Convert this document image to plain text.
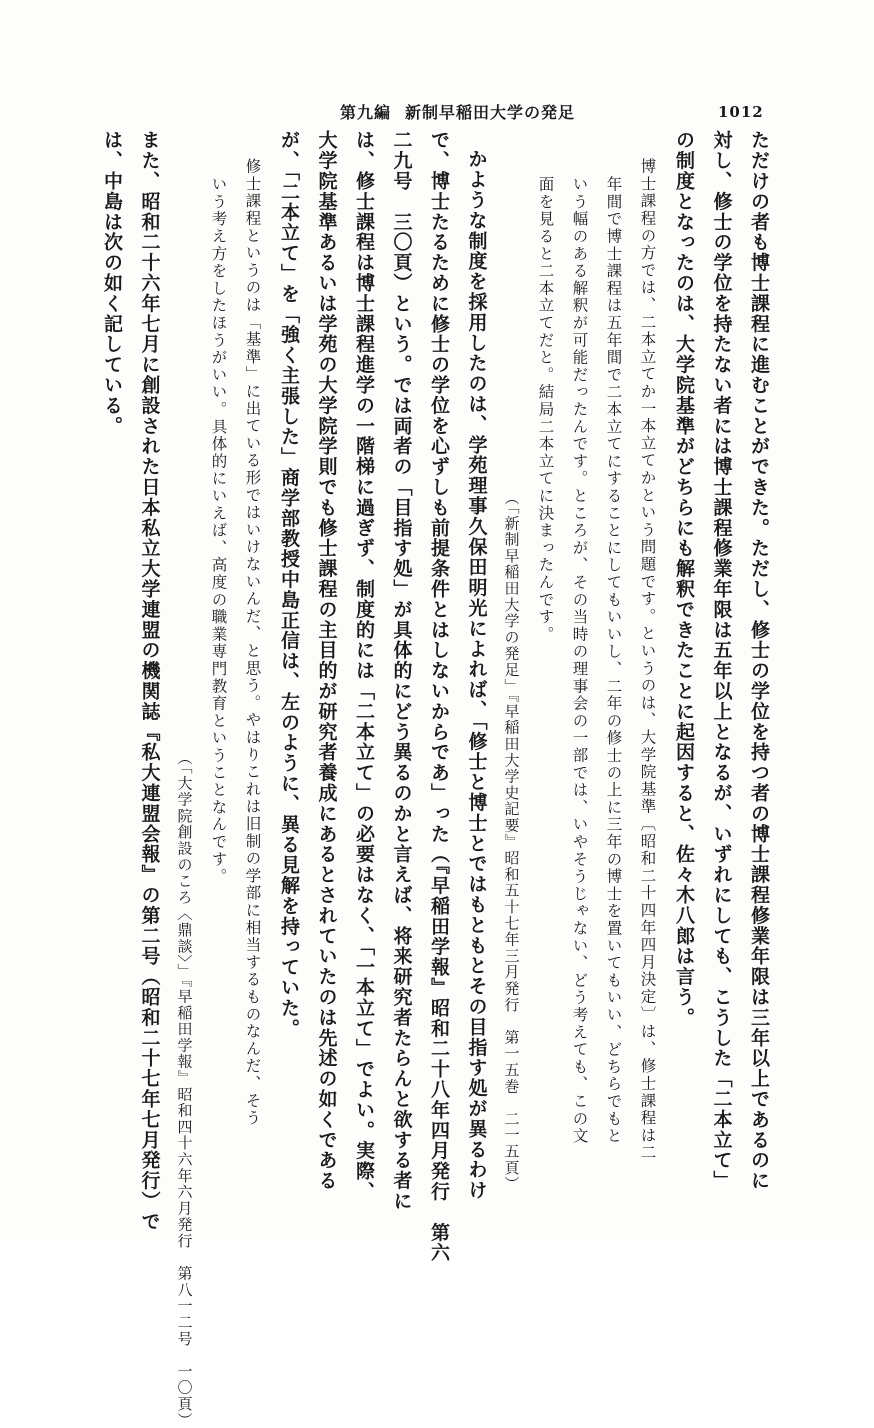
第九編 新制早稲田大学の発足	1012
ただけの者も博士課程に進むことができた。ただし、修士の学位を持つ者の博士課程修業年限は三年以上であるのに
対し、修士の学位を持たない者には博士課程修業年限は五年以上となるが、いずれにしても、こうした「二本立て」
の制度となったのは、大学院基準がどちらにも解釈できたことに起因すると、佐々木八郎は言う。
博士課程の方では、二本立てか一本立てかという問題です。というのは、大学院基準〔昭和二十四年四月決定〕は、修士課程は二
年間で博士課程は五年間で二本立てにすることにしてもいいし、二年の修士の上に三年の博士を置いてもいい、どちらでもと
いう幅のある解釈が可能だったんです。ところが、その当時の理事会の一部では、いやそうじゃない、どう考えても、この文
面を見ると二本立てだと。結局二本立てに決まったんです。
（「新制早稲田大学の発足」『早稲田大学史記要』昭和五十七年三月発行　第一五巻　二一五頁）
かような制度を採用したのは、学苑理事久保田明光によれば、「修士と博士とではもともとその目指す処が異るわけ
で、博士たるために修士の学位を心ずしも前提条件とはしないからであ」った（『早稲田学報』昭和二十八年四月発行　第六
二九号　三〇頁）という。では両者の「目指す処」が具体的にどう異るのかと言えば、将来研究者たらんと欲する者に
は、修士課程は博士課程進学の一階梯に過ぎず、制度的には「二本立て」の必要はなく、「一本立て」でよい。実際、
大学院基準あるいは学苑の大学院学則でも修士課程の主目的が研究者養成にあるとされていたのは先述の如くである
が、「二本立て」を「強く主張した」商学部教授中島正信は、左のように、異る見解を持っていた。
修士課程というのは「基準」に出ている形ではいけないんだ、と思う。やはりこれは旧制の学部に相当するものなんだ、そう
いう考え方をしたほうがいい。具体的にいえば、高度の職業専門教育ということなんです。
（「大学院創設のころ〈鼎談〉」『早稲田学報』昭和四十六年六月発行　第八一二号　一〇頁）
また、昭和二十六年七月に創設された日本私立大学連盟の機関誌『私大連盟会報』の第二号（昭和二十七年七月発行）で
は、中島は次の如く記している。
